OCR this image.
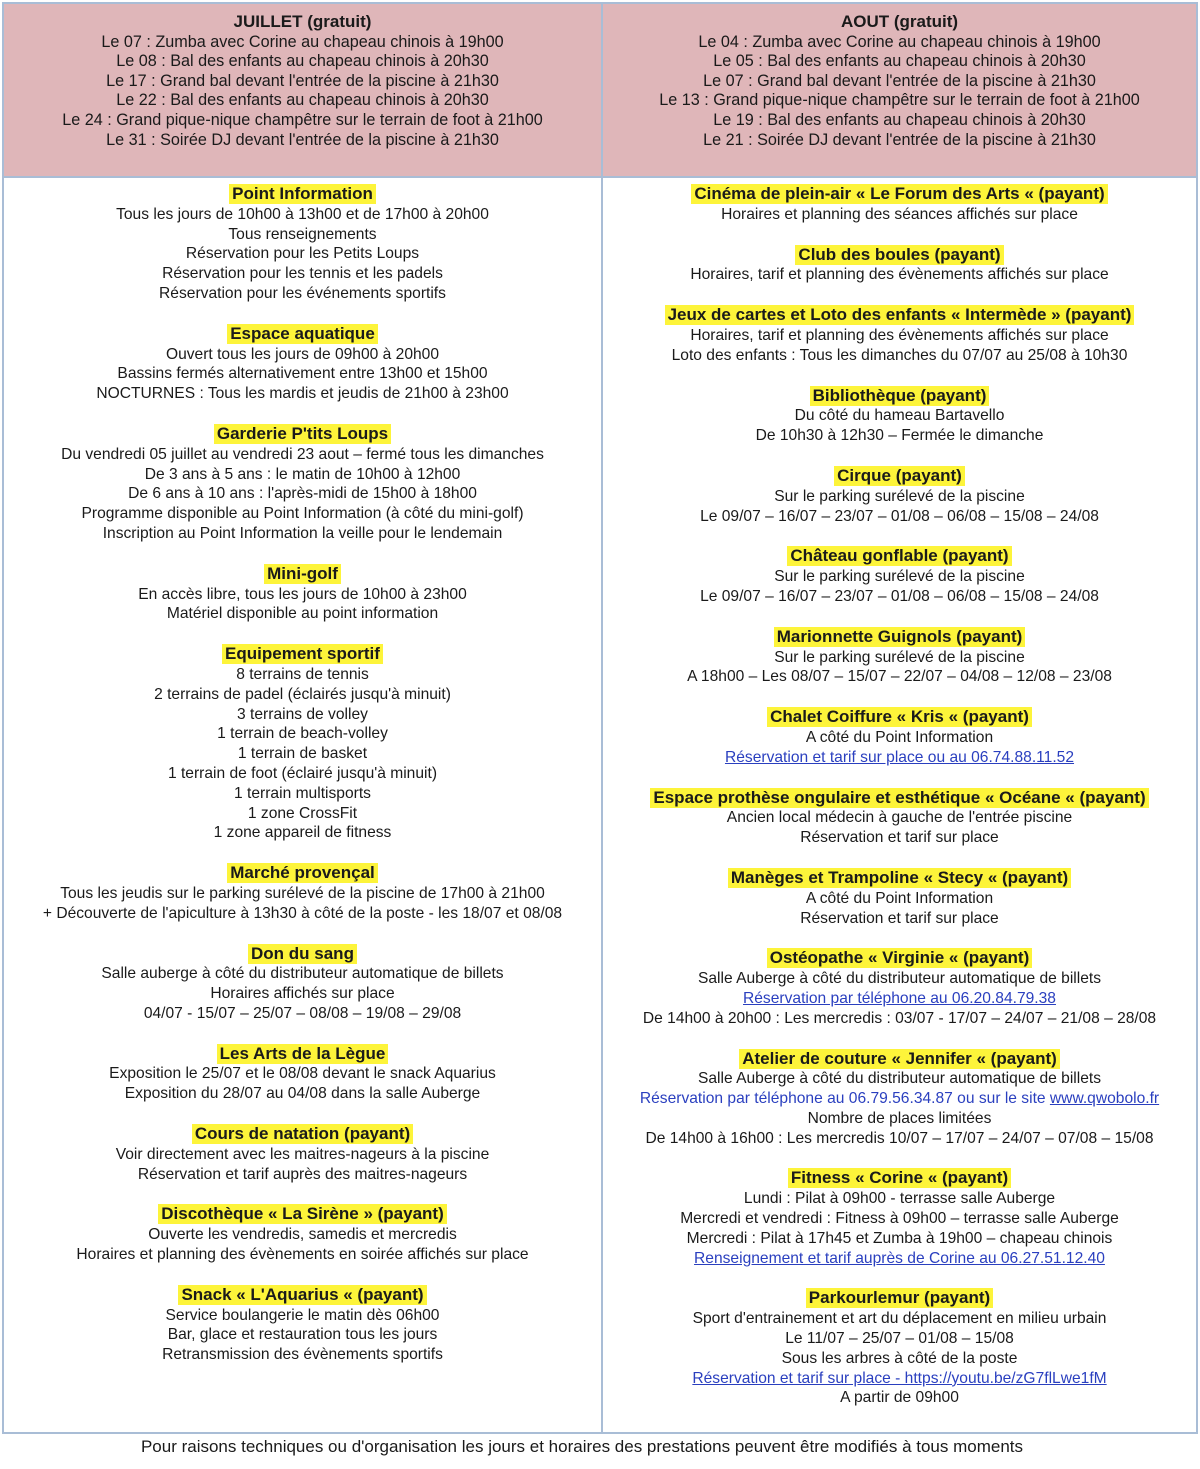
JUILLET (gratuit)
Le 07 : Zumba avec Corine au chapeau chinois à 19h00
Le 08 : Bal des enfants au chapeau chinois à 20h30
Le 17 : Grand bal devant l'entrée de la piscine à 21h30
Le 22 : Bal des enfants au chapeau chinois à 20h30
Le 24 : Grand pique-nique champêtre sur le terrain de foot à 21h00
Le 31 : Soirée DJ devant l'entrée de la piscine à 21h30
AOUT (gratuit)
Le 04 : Zumba avec Corine au chapeau chinois à 19h00
Le 05 : Bal des enfants au chapeau chinois à 20h30
Le 07 : Grand bal devant l'entrée de la piscine à 21h30
Le 13 : Grand pique-nique champêtre sur le terrain de foot à 21h00
Le 19 : Bal des enfants au chapeau chinois à 20h30
Le 21 : Soirée DJ devant l'entrée de la piscine à 21h30
Point Information
Tous les jours de 10h00 à 13h00 et de 17h00 à 20h00
Tous renseignements
Réservation pour les Petits Loups
Réservation pour les tennis et les padels
Réservation pour les événements sportifs
Espace aquatique
Ouvert tous les jours de 09h00 à 20h00
Bassins fermés alternativement entre 13h00 et 15h00
NOCTURNES : Tous les mardis et jeudis de 21h00 à 23h00
Garderie P'tits Loups
Du vendredi 05 juillet au vendredi 23 aout – fermé tous les dimanches
De 3 ans à 5 ans : le matin de 10h00 à 12h00
De 6 ans à 10 ans : l'après-midi de 15h00 à 18h00
Programme disponible au Point Information (à côté du mini-golf)
Inscription au Point Information la veille pour le lendemain
Mini-golf
En accès libre, tous les jours de 10h00 à 23h00
Matériel disponible au point information
Equipement sportif
8 terrains de tennis
2 terrains de padel (éclairés jusqu'à minuit)
3 terrains de volley
1 terrain de beach-volley
1 terrain de basket
1 terrain de foot (éclairé jusqu'à minuit)
1 terrain multisports
1 zone CrossFit
1 zone appareil de fitness
Marché provençal
Tous les jeudis sur le parking surélevé de la piscine de 17h00 à 21h00
+ Découverte de l'apiculture à 13h30 à côté de la poste - les 18/07 et 08/08
Don du sang
Salle auberge à côté du distributeur automatique de billets
Horaires affichés sur place
04/07 - 15/07 – 25/07 – 08/08 – 19/08 – 29/08
Les Arts de la Lègue
Exposition le 25/07 et le 08/08 devant le snack Aquarius
Exposition du 28/07 au 04/08 dans la salle Auberge
Cours de natation (payant)
Voir directement avec les maitres-nageurs à la piscine
Réservation et tarif auprès des maitres-nageurs
Discothèque « La Sirène » (payant)
Ouverte les vendredis, samedis et mercredis
Horaires et planning des évènements en soirée affichés sur place
Snack « L'Aquarius « (payant)
Service boulangerie le matin dès 06h00
Bar, glace et restauration tous les jours
Retransmission des évènements sportifs
Cinéma de plein-air « Le Forum des Arts « (payant)
Horaires et planning des séances affichés sur place
Club des boules (payant)
Horaires, tarif et planning des évènements affichés sur place
Jeux de cartes et Loto des enfants « Intermède » (payant)
Horaires, tarif et planning des évènements affichés sur place
Loto des enfants : Tous les dimanches du 07/07 au 25/08 à 10h30
Bibliothèque (payant)
Du côté du hameau Bartavello
De 10h30 à 12h30 – Fermée le dimanche
Cirque (payant)
Sur le parking surélevé de la piscine
Le 09/07 – 16/07 – 23/07 – 01/08 – 06/08 – 15/08 – 24/08
Château gonflable (payant)
Sur le parking surélevé de la piscine
Le 09/07 – 16/07 – 23/07 – 01/08 – 06/08 – 15/08 – 24/08
Marionnette Guignols (payant)
Sur le parking surélevé de la piscine
A 18h00 – Les 08/07 – 15/07 – 22/07 – 04/08 – 12/08 – 23/08
Chalet Coiffure « Kris « (payant)
A côté du Point Information
Réservation et tarif sur place ou au 06.74.88.11.52
Espace prothèse ongulaire et esthétique « Océane « (payant)
Ancien local médecin à gauche de l'entrée piscine
Réservation et tarif sur place
Manèges et Trampoline « Stecy « (payant)
A côté du Point Information
Réservation et tarif sur place
Ostéopathe « Virginie « (payant)
Salle Auberge à côté du distributeur automatique de billets
Réservation par téléphone au 06.20.84.79.38
De 14h00 à 20h00 : Les mercredis : 03/07 - 17/07 – 24/07 – 21/08 – 28/08
Atelier de couture « Jennifer « (payant)
Salle Auberge à côté du distributeur automatique de billets
Réservation par téléphone au 06.79.56.34.87 ou sur le site www.qwobolo.fr
Nombre de places limitées
De 14h00 à 16h00 : Les mercredis 10/07 – 17/07 – 24/07 – 07/08 – 15/08
Fitness « Corine « (payant)
Lundi : Pilat à 09h00 - terrasse salle Auberge
Mercredi et vendredi : Fitness à 09h00 – terrasse salle Auberge
Mercredi : Pilat à 17h45 et Zumba à 19h00 – chapeau chinois
Renseignement et tarif auprès de Corine au 06.27.51.12.40
Parkourlemur (payant)
Sport d'entrainement et art du déplacement en milieu urbain
Le 11/07 – 25/07 – 01/08 – 15/08
Sous les arbres à côté de la poste
Réservation et tarif sur place - https://youtu.be/zG7flLwe1fM
A partir de 09h00
Pour raisons techniques ou d'organisation les jours et horaires des prestations peuvent être modifiés à tous moments
